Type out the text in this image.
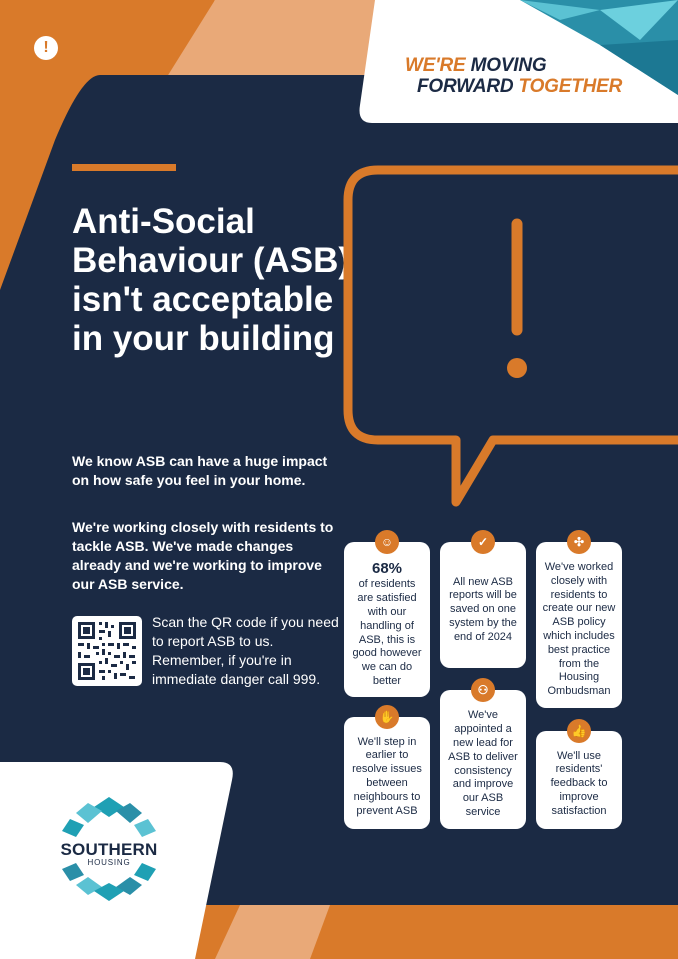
!
WE'RE MOVING
FORWARD TOGETHER
Anti-Social Behaviour (ASB) isn't acceptable in your building
We know ASB can have a huge impact on how safe you feel in your home.
We're working closely with residents to tackle ASB. We've made changes already and we're working to improve our ASB service.
Scan the QR code if you need to report ASB to us. Remember, if you're in immediate danger call 999.
68%
of residents are satisfied with our handling of ASB, this is good however we can do better
☺
All new ASB reports will be saved on one system by the end of 2024
✓
We've worked closely with residents to create our new ASB policy which includes best practice from the Housing Ombudsman
✣
We'll step in earlier to resolve issues between neighbours to prevent ASB
✋	We've appointed a new lead for ASB to deliver consistency and improve our ASB service
⚇
We'll use residents' feedback to improve satisfaction
👍
SOUTHERN
HOUSING
